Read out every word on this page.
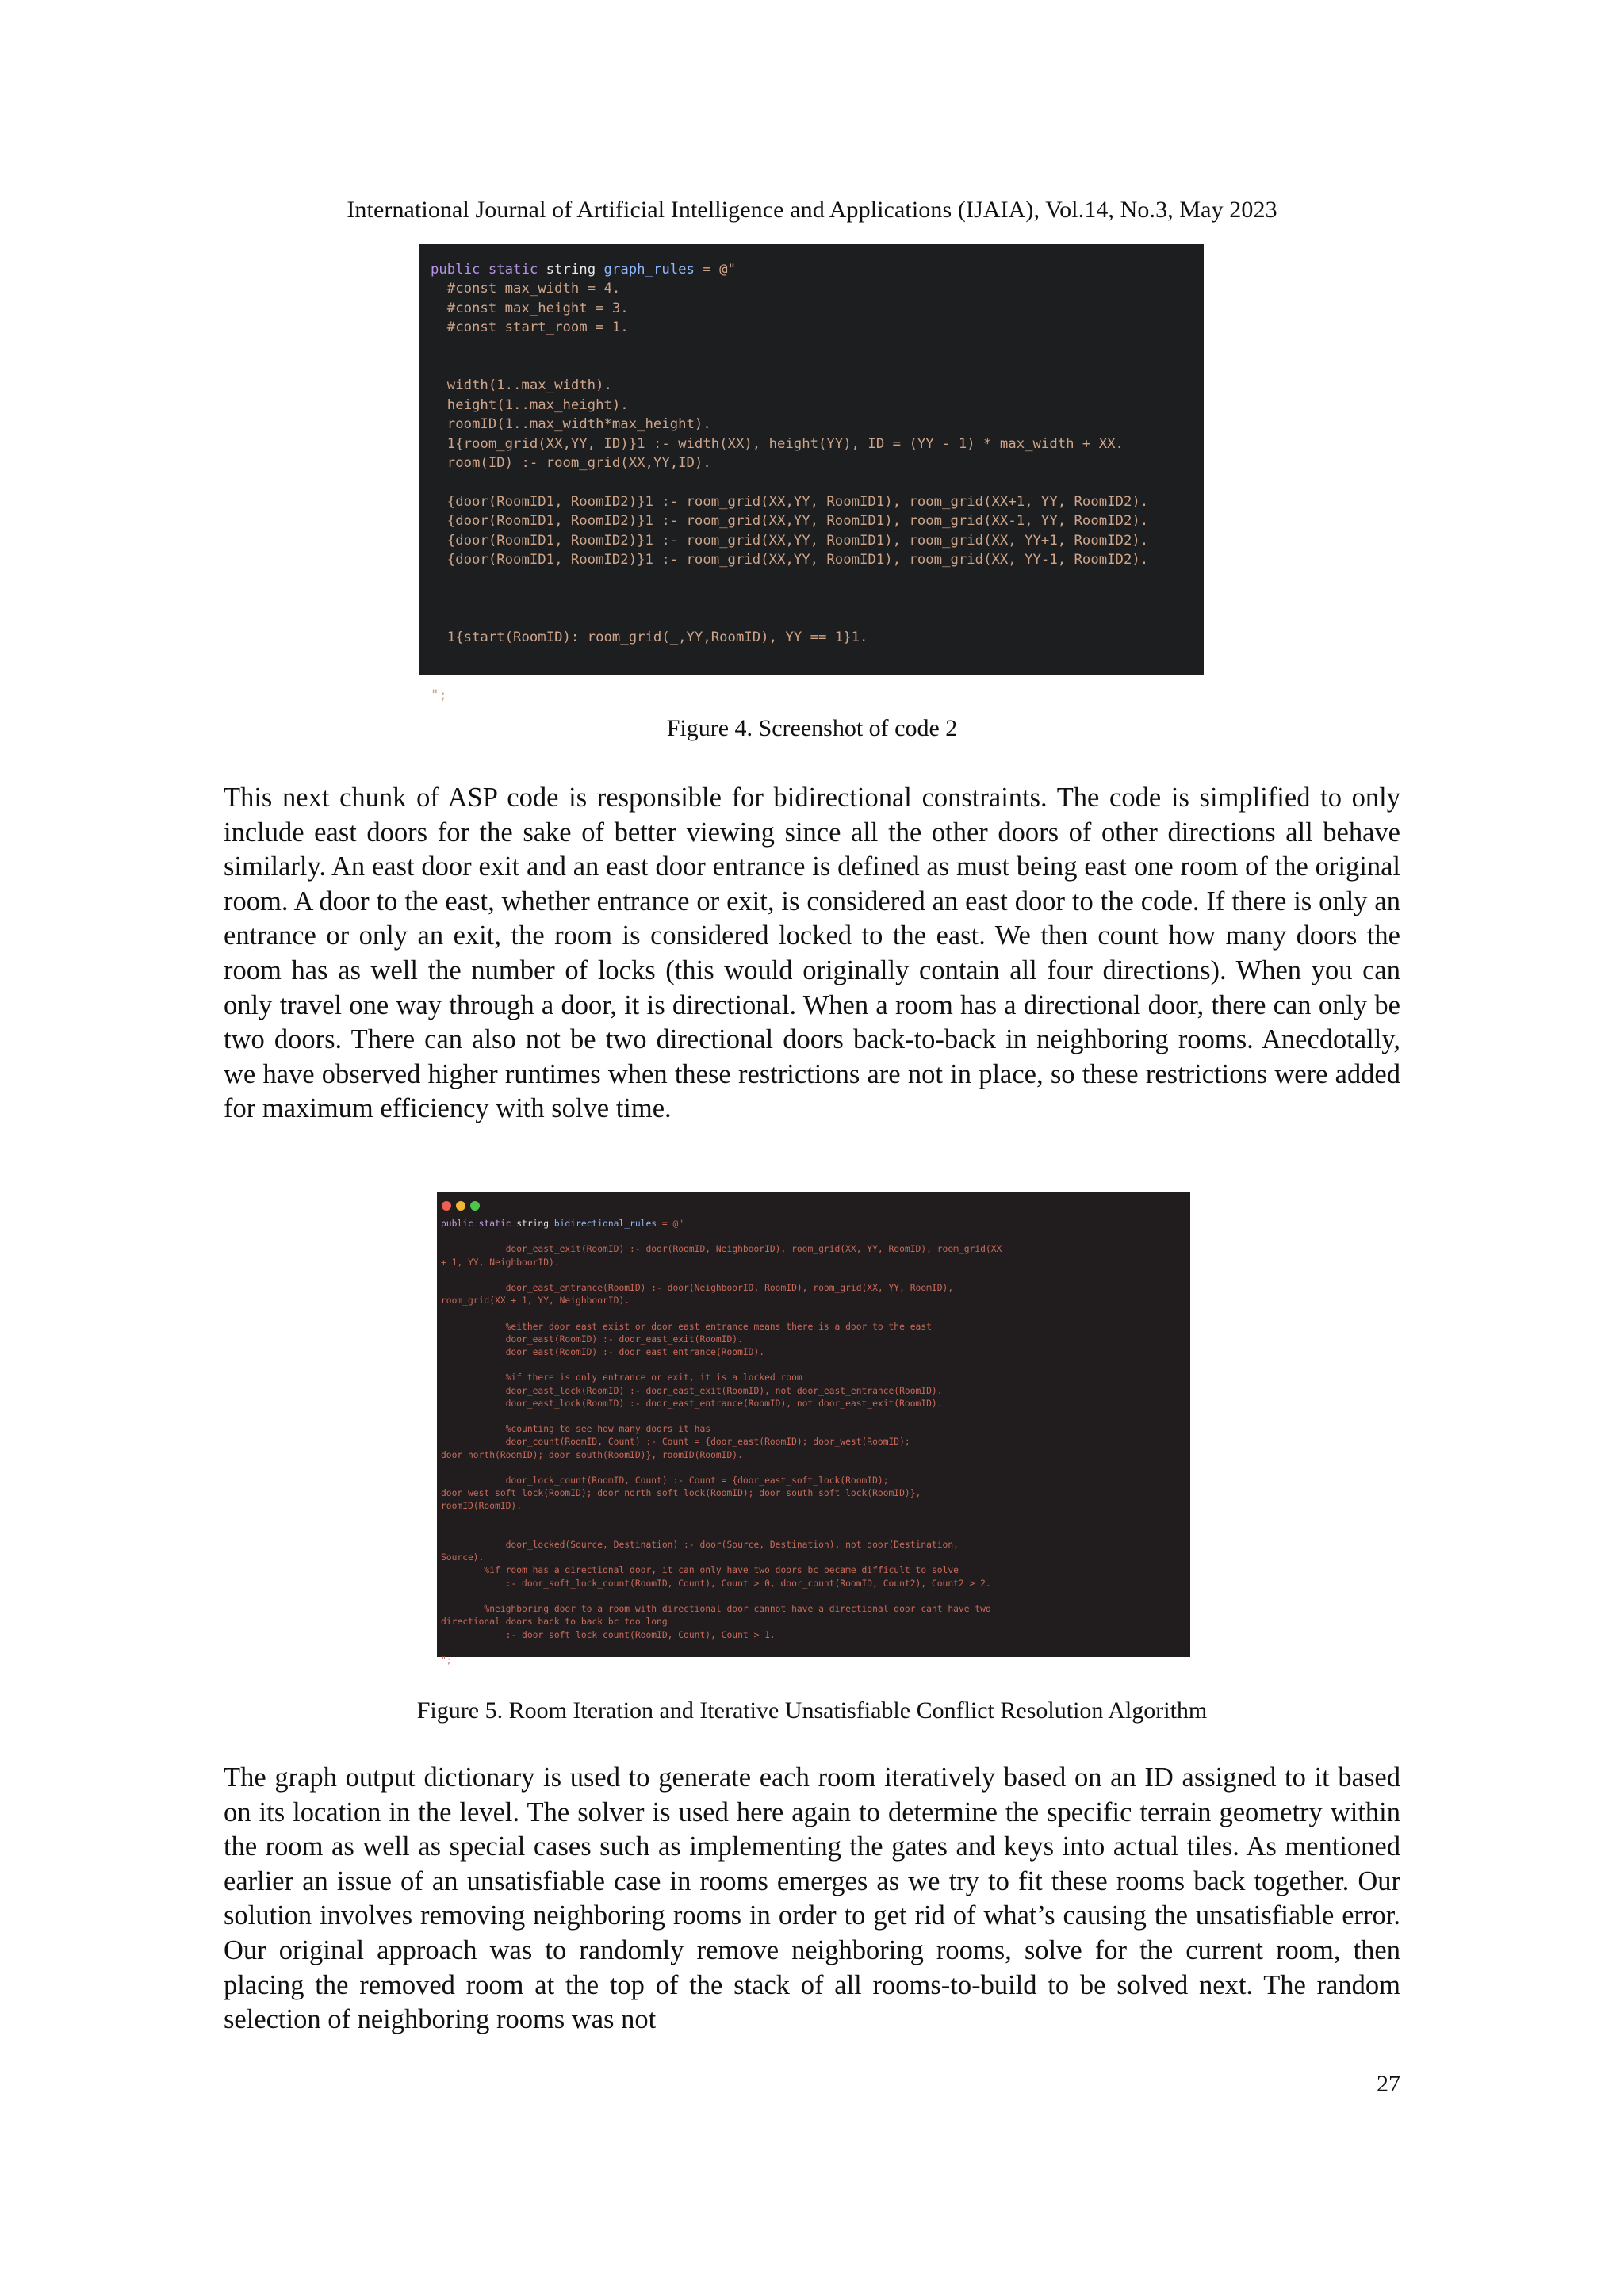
International Journal of Artificial Intelligence and Applications (IJAIA), Vol.14, No.3, May 2023
public static string graph_rules = @"
#const max_width = 4.
#const max_height = 3.
#const start_room = 1.

width(1..max_width).
height(1..max_height).
roomID(1..max_width*max_height).
1{room_grid(XX,YY, ID)}1 :- width(XX), height(YY), ID = (YY - 1) * max_width + XX.
room(ID) :- room_grid(XX,YY,ID).

{door(RoomID1, RoomID2)}1 :- room_grid(XX,YY, RoomID1), room_grid(XX+1, YY, RoomID2).
{door(RoomID1, RoomID2)}1 :- room_grid(XX,YY, RoomID1), room_grid(XX-1, YY, RoomID2).
{door(RoomID1, RoomID2)}1 :- room_grid(XX,YY, RoomID1), room_grid(XX, YY+1, RoomID2).
{door(RoomID1, RoomID2)}1 :- room_grid(XX,YY, RoomID1), room_grid(XX, YY-1, RoomID2).

1{start(RoomID): room_grid(_,YY,RoomID), YY == 1}1.

";
Figure 4. Screenshot of code 2

This next chunk of ASP code is responsible for bidirectional constraints. The code is simplified to only include east doors for the sake of better viewing since all the other doors of other directions all behave similarly. An east door exit and an east door entrance is defined as must being east one room of the original room. A door to the east, whether entrance or exit, is considered an east door to the code. If there is only an entrance or only an exit, the room is considered locked to the east. We then count how many doors the room has as well the number of locks (this would originally contain all four directions). When you can only travel one way through a door, it is directional. When a room has a directional door, there can only be two doors. There can also not be two directional doors back-to-back in neighboring rooms. Anecdotally, we have observed higher runtimes when these restrictions are not in place, so these restrictions were added for maximum efficiency with solve time.

public static string bidirectional_rules = @"

door_east_exit(RoomID) :- door(RoomID, NeighboorID), room_grid(XX, YY, RoomID), room_grid(XX
+ 1, YY, NeighboorID).

door_east_entrance(RoomID) :- door(NeighboorID, RoomID), room_grid(XX, YY, RoomID),
room_grid(XX + 1, YY, NeighboorID).

%either door east exist or door east entrance means there is a door to the east
door_east(RoomID) :- door_east_exit(RoomID).
door_east(RoomID) :- door_east_entrance(RoomID).

%if there is only entrance or exit, it is a locked room
door_east_lock(RoomID) :- door_east_exit(RoomID), not door_east_entrance(RoomID).
door_east_lock(RoomID) :- door_east_entrance(RoomID), not door_east_exit(RoomID).

%counting to see how many doors it has
door_count(RoomID, Count) :- Count = {door_east(RoomID); door_west(RoomID);
door_north(RoomID); door_south(RoomID)}, roomID(RoomID).

door_lock_count(RoomID, Count) :- Count = {door_east_soft_lock(RoomID);
door_west_soft_lock(RoomID); door_north_soft_lock(RoomID); door_south_soft_lock(RoomID)},
roomID(RoomID).

door_locked(Source, Destination) :- door(Source, Destination), not door(Destination,
Source).
%if room has a directional door, it can only have two doors bc became difficult to solve
:- door_soft_lock_count(RoomID, Count), Count > 0, door_count(RoomID, Count2), Count2 > 2.

%neighboring door to a room with directional door cannot have a directional door cant have two
directional doors back to back bc too long
:- door_soft_lock_count(RoomID, Count), Count > 1.

";
Figure 5. Room Iteration and Iterative Unsatisfiable Conflict Resolution Algorithm

The graph output dictionary is used to generate each room iteratively based on an ID assigned to it based on its location in the level. The solver is used here again to determine the specific terrain geometry within the room as well as special cases such as implementing the gates and keys into actual tiles. As mentioned earlier an issue of an unsatisfiable case in rooms emerges as we try to fit these rooms back together. Our solution involves removing neighboring rooms in order to get rid of what’s causing the unsatisfiable error. Our original approach was to randomly remove neighboring rooms, solve for the current room, then placing the removed room at the top of the stack of all rooms-to-build to be solved next. The random selection of neighboring rooms was not

27
